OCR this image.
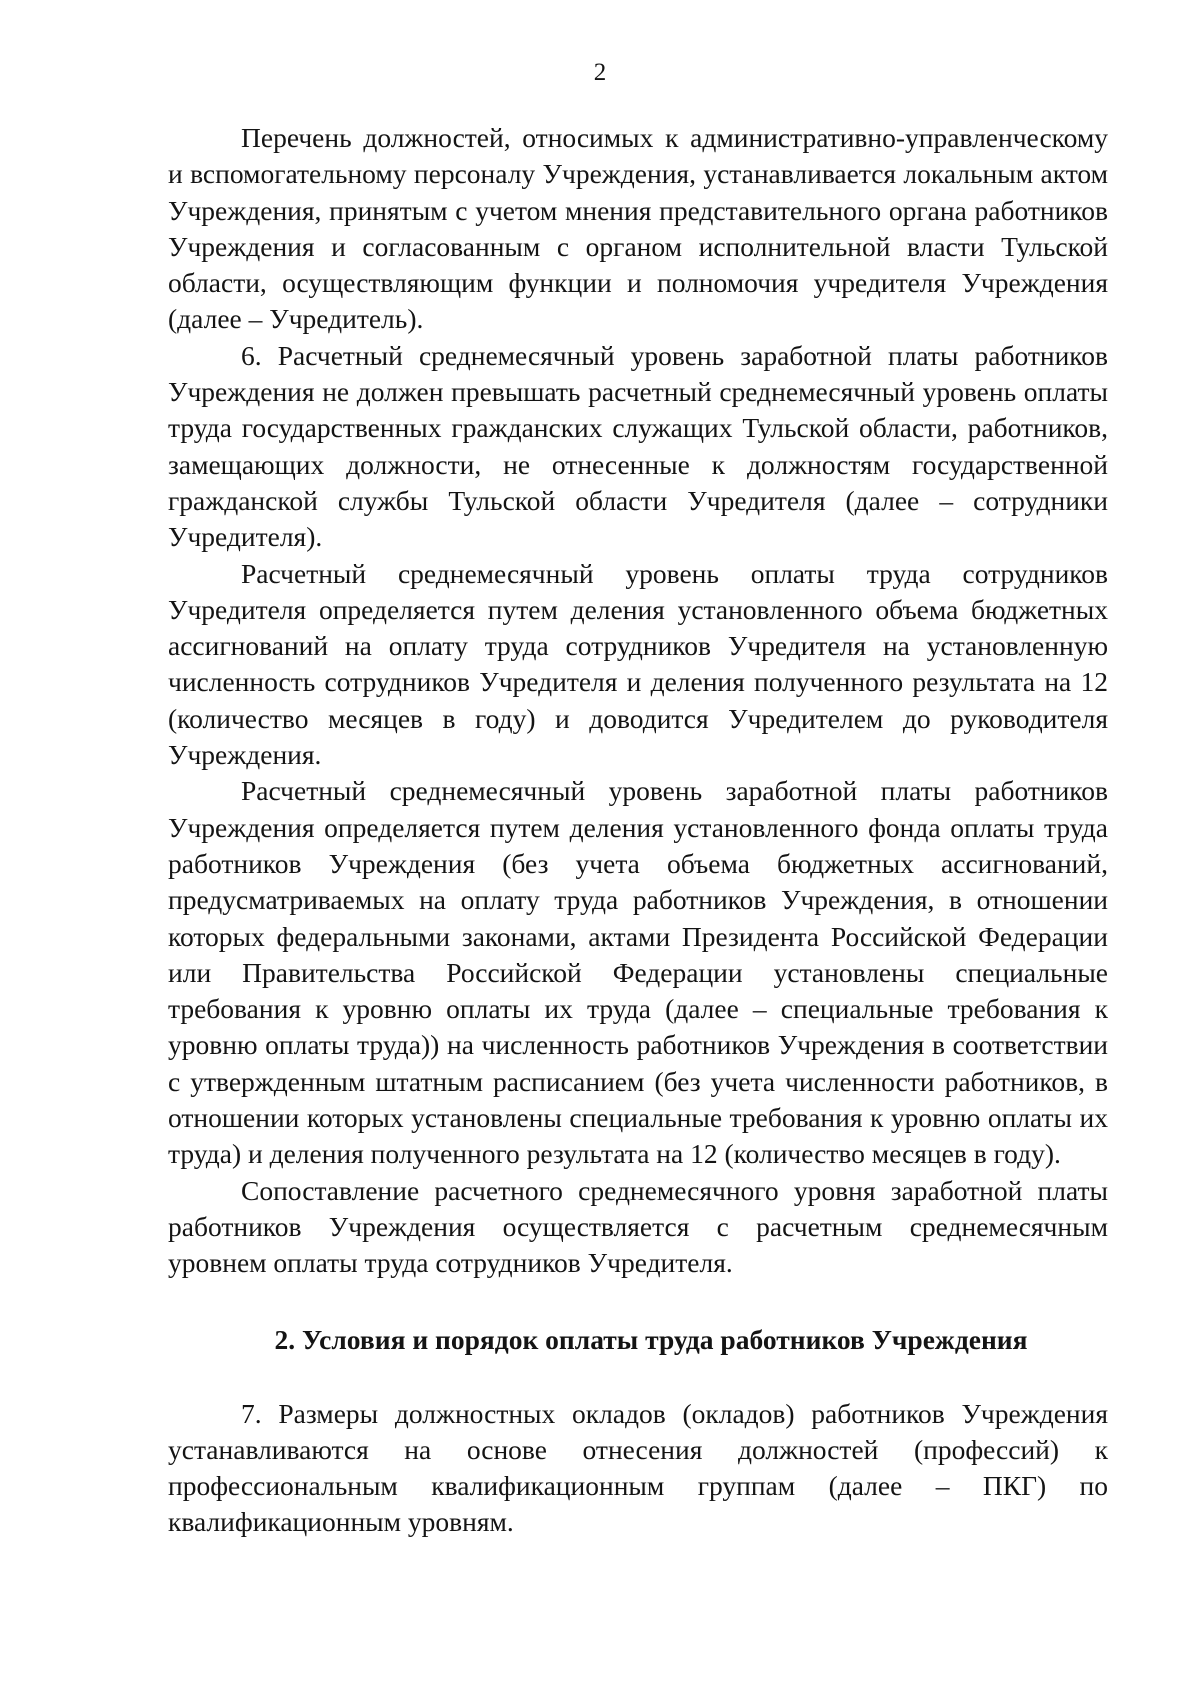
2

Перечень должностей, относимых к административно-управленческому и вспомогательному персоналу Учреждения, устанавливается локальным актом Учреждения, принятым с учетом мнения представительного органа работников Учреждения и согласованным с органом исполнительной власти Тульской области, осуществляющим функции и полномочия учредителя Учреждения (далее – Учредитель).

6. Расчетный среднемесячный уровень заработной платы работников Учреждения не должен превышать расчетный среднемесячный уровень оплаты труда государственных гражданских служащих Тульской области, работников, замещающих должности, не отнесенные к должностям государственной гражданской службы Тульской области Учредителя (далее – сотрудники Учредителя).

Расчетный среднемесячный уровень оплаты труда сотрудников Учредителя определяется путем деления установленного объема бюджетных ассигнований на оплату труда сотрудников Учредителя на установленную численность сотрудников Учредителя и деления полученного результата на 12 (количество месяцев в году) и доводится Учредителем до руководителя Учреждения.

Расчетный среднемесячный уровень заработной платы работников Учреждения определяется путем деления установленного фонда оплаты труда работников Учреждения (без учета объема бюджетных ассигнований, предусматриваемых на оплату труда работников Учреждения, в отношении которых федеральными законами, актами Президента Российской Федерации или Правительства Российской Федерации установлены специальные требования к уровню оплаты их труда (далее – специальные требования к уровню оплаты труда)) на численность работников Учреждения в соответствии с утвержденным штатным расписанием (без учета численности работников, в отношении которых установлены специальные требования к уровню оплаты их труда) и деления полученного результата на 12 (количество месяцев в году).

Сопоставление расчетного среднемесячного уровня заработной платы работников Учреждения осуществляется с расчетным среднемесячным уровнем оплаты труда сотрудников Учредителя.

2. Условия и порядок оплаты труда работников Учреждения

7. Размеры должностных окладов (окладов) работников Учреждения устанавливаются на основе отнесения должностей (профессий) к профессиональным квалификационным группам (далее – ПКГ) по квалификационным уровням.
